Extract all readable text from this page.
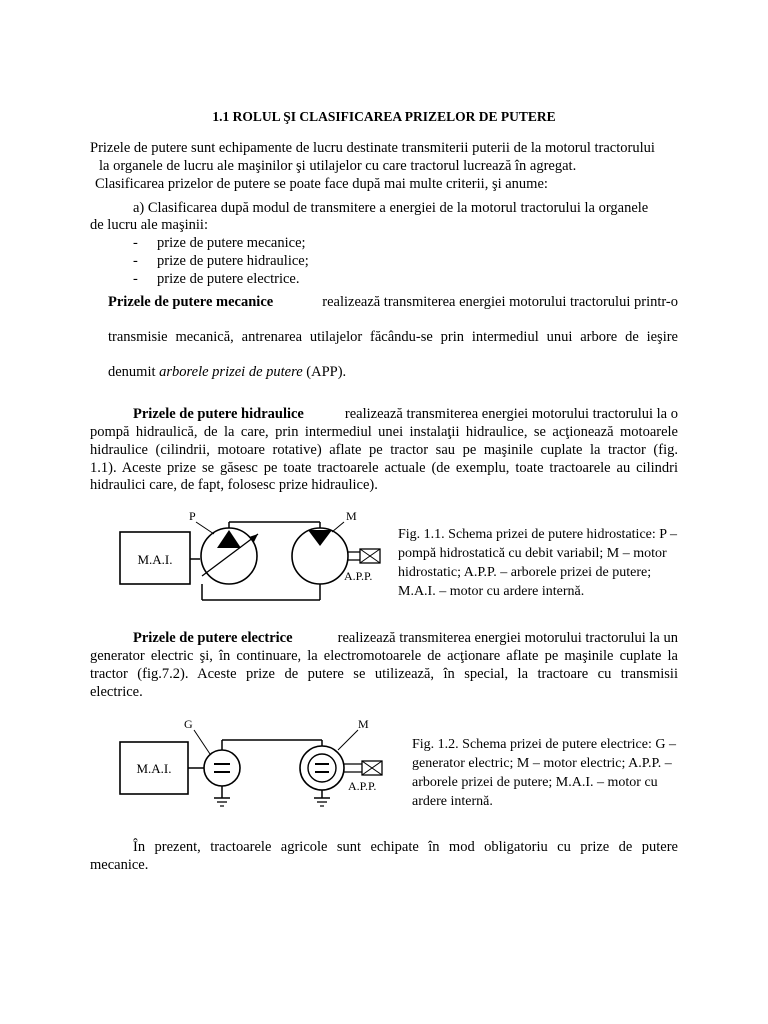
1.1 ROLUL ŞI CLASIFICAREA PRIZELOR DE PUTERE
Prizele de putere sunt echipamente de lucru destinate transmiterii puterii de la motorul tractorului
la organele de lucru ale maşinilor şi utilajelor cu care tractorul lucrează în agregat.
Clasificarea prizelor de putere se poate face după mai multe criterii, şi anume:
a) Clasificarea după modul de transmitere a energiei de la motorul tractorului la organele
de lucru ale maşinii:
- prize de putere mecanice;
- prize de putere hidraulice;
- prize de putere electrice.
Prizele de putere mecanice	realizează transmiterea energiei motorului tractorului printr-o
transmisie mecanică, antrenarea utilajelor făcându-se prin intermediul unui arbore de ieşire
denumit arborele prizei de putere (APP).
Prizele de putere hidraulice	realizează transmiterea energiei motorului tractorului la o
pompă hidraulică, de la care, prin intermediul unei instalaţii hidraulice, se acţionează motoarele
hidraulice (cilindrii, motoare rotative) aflate pe tractor sau pe maşinile cuplate la tractor (fig.
1.1). Aceste prize se găsesc pe toate tractoarele actuale (de exemplu, toate tractoarele au cilindri
hidraulici care, de fapt, folosesc prize hidraulice).
M.A.I.
P	M
A.P.P.
Fig. 1.1. Schema prizei de putere hidrostatice: P – pompă hidrostatică cu debit variabil; M – motor hidrostatic; A.P.P. – arborele prizei de putere; M.A.I. – motor cu ardere internă.
Prizele de putere electrice	realizează transmiterea energiei motorului tractorului la un
generator electric şi, în continuare, la electromotoarele de acţionare aflate pe maşinile cuplate la
tractor (fig.7.2). Aceste prize de putere se utilizează, în special, la tractoare cu transmisii
electrice.
M.A.I.
G	M
A.P.P.
Fig. 1.2. Schema prizei de putere electrice: G – generator electric; M – motor electric; A.P.P. – arborele prizei de putere; M.A.I. – motor cu ardere internă.
În prezent, tractoarele agricole sunt echipate în mod obligatoriu cu prize de putere
mecanice.
